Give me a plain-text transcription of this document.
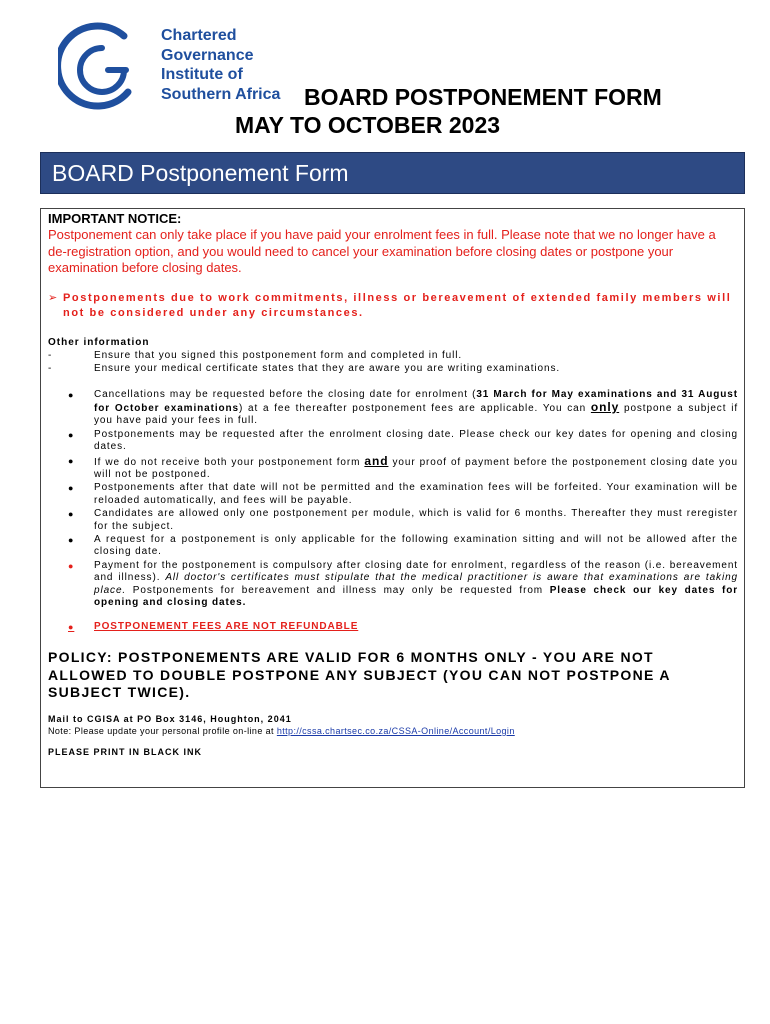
Chartered
Governance
Institute of
Southern Africa BOARD POSTPONEMENT FORM
MAY TO OCTOBER 2023
BOARD Postponement Form
IMPORTANT NOTICE:
Postponement can only take place if you have paid your enrolment fees in full. Please note that we no longer have a de-registration option, and you would need to cancel your examination before closing dates or postpone your examination before closing dates.
➢ Postponements due to work commitments, illness or bereavement of extended family members will not be considered under any circumstances.
Other information
-	Ensure that you signed this postponement form and completed in full.
-	Ensure your medical certificate states that they are aware you are writing examinations.
●	Cancellations may be requested before the closing date for enrolment (31 March for May examinations and 31 August for October examinations) at a fee thereafter postponement fees are applicable. You can only postpone a subject if you have paid your fees in full.
●	Postponements may be requested after the enrolment closing date. Please check our key dates for opening and closing dates.
●	If we do not receive both your postponement form and your proof of payment before the postponement closing date you will not be postponed.
●	Postponements after that date will not be permitted and the examination fees will be forfeited. Your examination will be reloaded automatically, and fees will be payable.
●	Candidates are allowed only one postponement per module, which is valid for 6 months. Thereafter they must reregister for the subject.
●	A request for a postponement is only applicable for the following examination sitting and will not be allowed after the closing date.
●	Payment for the postponement is compulsory after closing date for enrolment, regardless of the reason (i.e. bereavement and illness). All doctor's certificates must stipulate that the medical practitioner is aware that examinations are taking place. Postponements for bereavement and illness may only be requested from Please check our key dates for opening and closing dates.
●	POSTPONEMENT FEES ARE NOT REFUNDABLE
POLICY: POSTPONEMENTS ARE VALID FOR 6 MONTHS ONLY - YOU ARE NOT ALLOWED TO DOUBLE POSTPONE ANY SUBJECT (YOU CAN NOT POSTPONE A SUBJECT TWICE).
Mail to CGISA at PO Box 3146, Houghton, 2041
Note: Please update your personal profile on-line at http://cssa.chartsec.co.za/CSSA-Online/Account/Login
PLEASE PRINT IN BLACK INK
